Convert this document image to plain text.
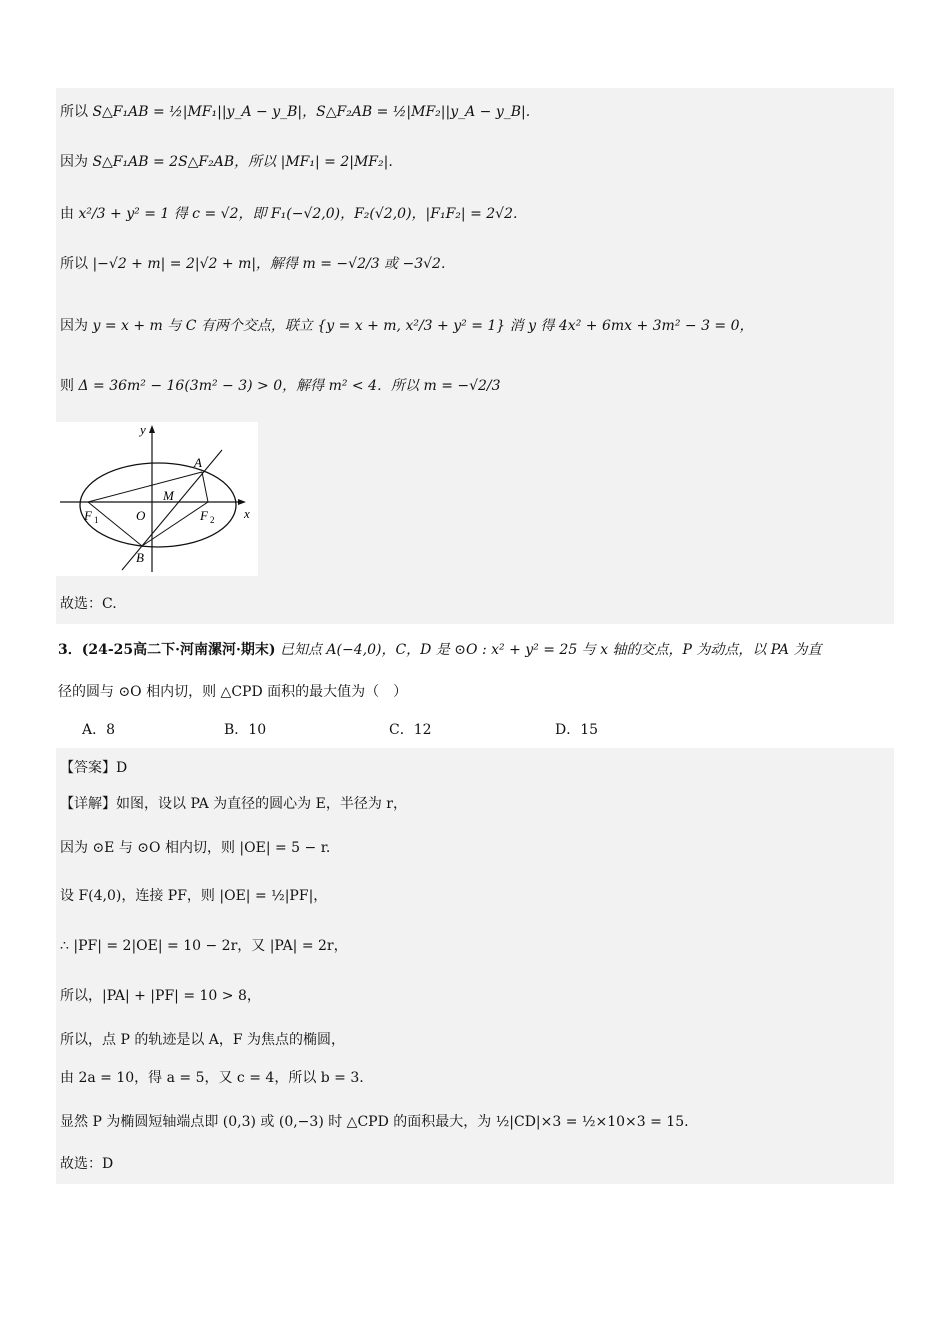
所以 S△F₁AB = ½|MF₁||y_A − y_B|，S△F₂AB = ½|MF₂||y_A − y_B|.
因为 S△F₁AB = 2S△F₂AB，所以 |MF₁| = 2|MF₂|.
由 x²/3 + y² = 1 得 c = √2，即 F₁(−√2,0)，F₂(√2,0)，|F₁F₂| = 2√2.
所以 |−√2 + m| = 2|√2 + m|，解得 m = −√2/3 或 −3√2.
因为 y = x + m 与 C 有两个交点，联立 {y = x + m, x²/3 + y² = 1} 消 y 得 4x² + 6mx + 3m² − 3 = 0，
则 Δ = 36m² − 16(3m² − 3) > 0，解得 m² < 4．所以 m = −√2/3
y
x
A
M
F 1	O	F 2
B
故选：C.
3．(24-25高二下·河南漯河·期末) 已知点 A(−4,0)，C，D 是 ⊙O : x² + y² = 25 与 x 轴的交点，P 为动点，以 PA 为直
径的圆与 ⊙O 相内切，则 △CPD 面积的最大值为（　）
A．8	B．10	C．12	D．15
【答案】D
【详解】如图，设以 PA 为直径的圆心为 E，半径为 r，
因为 ⊙E 与 ⊙O 相内切，则 |OE| = 5 − r.
设 F(4,0)，连接 PF，则 |OE| = ½|PF|，
∴ |PF| = 2|OE| = 10 − 2r，又 |PA| = 2r，
所以，|PA| + |PF| = 10 > 8，
所以，点 P 的轨迹是以 A，F 为焦点的椭圆，
由 2a = 10，得 a = 5，又 c = 4，所以 b = 3.
显然 P 为椭圆短轴端点即 (0,3) 或 (0,−3) 时 △CPD 的面积最大，为 ½|CD|×3 = ½×10×3 = 15.
故选：D
